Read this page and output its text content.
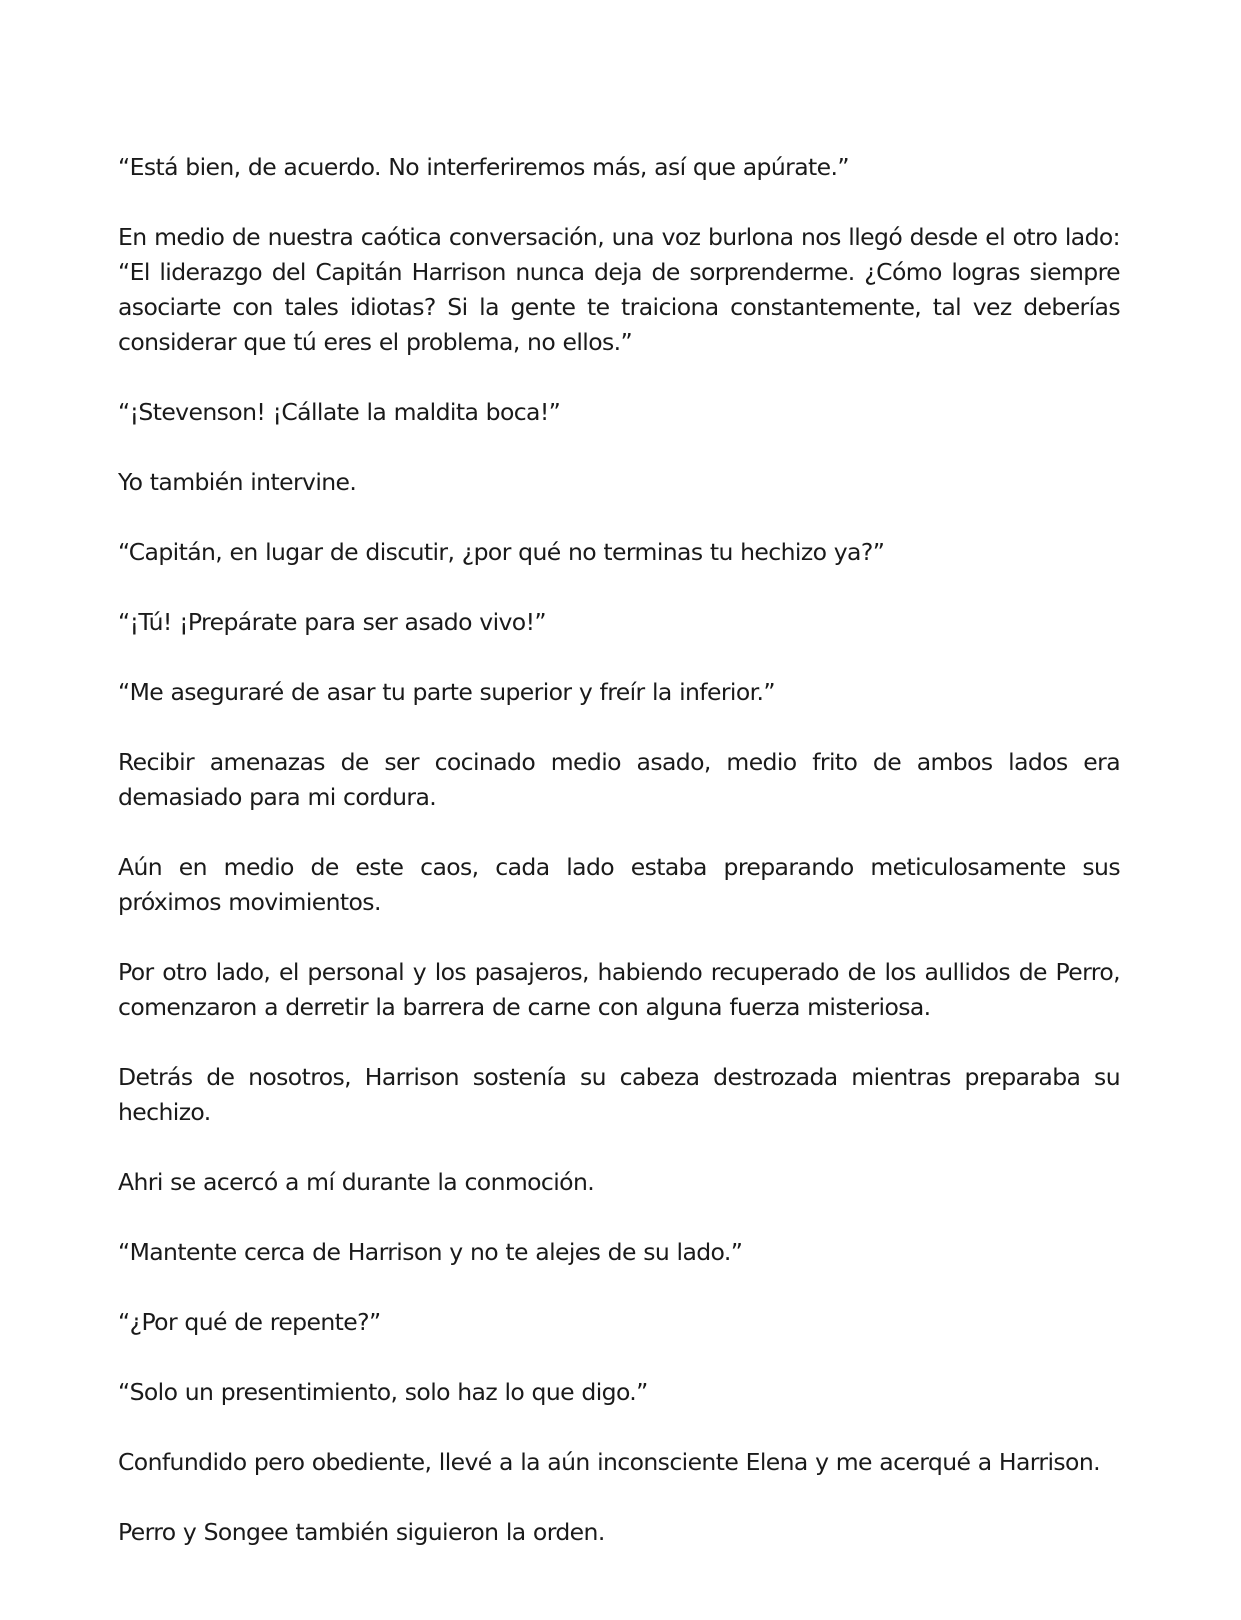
“Está bien, de acuerdo. No interferiremos más, así que apúrate.”

En medio de nuestra caótica conversación, una voz burlona nos llegó desde el otro lado: “El liderazgo del Capitán Harrison nunca deja de sorprenderme. ¿Cómo logras siempre asociarte con tales idiotas? Si la gente te traiciona constantemente, tal vez deberías considerar que tú eres el problema, no ellos.”

“¡Stevenson! ¡Cállate la maldita boca!”

Yo también intervine.

“Capitán, en lugar de discutir, ¿por qué no terminas tu hechizo ya?”

“¡Tú! ¡Prepárate para ser asado vivo!”

“Me aseguraré de asar tu parte superior y freír la inferior.”

Recibir amenazas de ser cocinado medio asado, medio frito de ambos lados era demasiado para mi cordura.

Aún en medio de este caos, cada lado estaba preparando meticulosamente sus próximos movimientos.

Por otro lado, el personal y los pasajeros, habiendo recuperado de los aullidos de Perro, comenzaron a derretir la barrera de carne con alguna fuerza misteriosa.

Detrás de nosotros, Harrison sostenía su cabeza destrozada mientras preparaba su hechizo.

Ahri se acercó a mí durante la conmoción.

“Mantente cerca de Harrison y no te alejes de su lado.”

“¿Por qué de repente?”

“Solo un presentimiento, solo haz lo que digo.”

Confundido pero obediente, llevé a la aún inconsciente Elena y me acerqué a Harrison.

Perro y Songee también siguieron la orden.
